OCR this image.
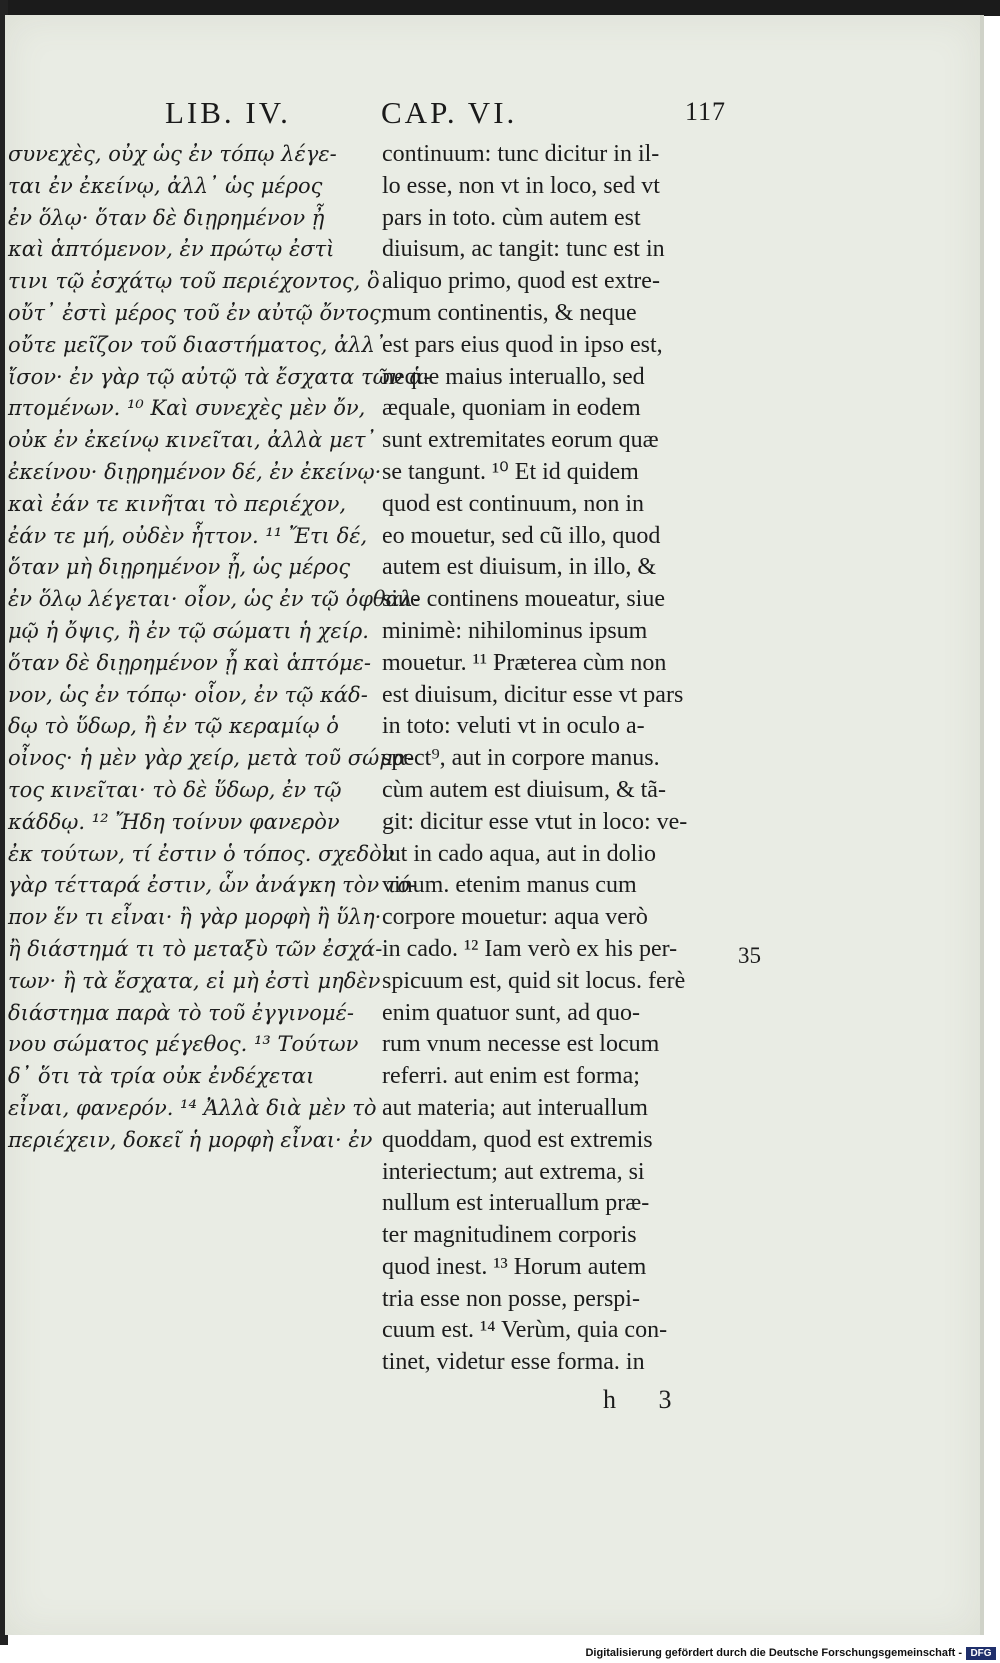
LIB. IV.	CAP. VI.	117
συνεχὲς, οὐχ ὡς ἐν τόπῳ λέγε-
ται ἐν ἐκείνῳ, ἀλλ᾽ ὡς μέρος
ἐν ὅλῳ· ὅταν δὲ διῃρημένον ᾖ
καὶ ἁπτόμενον, ἐν πρώτῳ ἐστὶ
τινι τῷ ἐσχάτῳ τοῦ περιέχοντος, ὃ
οὔτ᾽ ἐστὶ μέρος τοῦ ἐν αὐτῷ ὄντος,
οὔτε μεῖζον τοῦ διαστήματος, ἀλλ᾽
ἴσον· ἐν γὰρ τῷ αὐτῷ τὰ ἔσχατα τῶν ἁ-
πτομένων. ¹⁰ Καὶ συνεχὲς μὲν ὄν,
οὐκ ἐν ἐκείνῳ κινεῖται, ἀλλὰ μετ᾽
ἐκείνου· διῃρημένον δέ, ἐν ἐκείνῳ·
καὶ ἐάν τε κινῆται τὸ περιέχον,
ἐάν τε μή, οὐδὲν ἧττον. ¹¹ Ἔτι δέ,
ὅταν μὴ διῃρημένον ᾖ, ὡς μέρος
ἐν ὅλῳ λέγεται· οἷον, ὡς ἐν τῷ ὀφθαλ-
μῷ ἡ ὄψις, ἢ ἐν τῷ σώματι ἡ χείρ.
ὅταν δὲ διῃρημένον ᾖ καὶ ἁπτόμε-
νον, ὡς ἐν τόπῳ· οἷον, ἐν τῷ κάδ-
δῳ τὸ ὕδωρ, ἢ ἐν τῷ κεραμίῳ ὁ
οἶνος· ἡ μὲν γὰρ χείρ, μετὰ τοῦ σώμα-
τος κινεῖται· τὸ δὲ ὕδωρ, ἐν τῷ
κάδδῳ. ¹² Ἤδη τοίνυν φανερὸν
ἐκ τούτων, τί ἐστιν ὁ τόπος. σχεδὸν
γὰρ τέτταρά ἐστιν, ὧν ἀνάγκη τὸν τό-
πον ἕν τι εἶναι· ἢ γὰρ μορφὴ ἢ ὕλη·
ἢ διάστημά τι τὸ μεταξὺ τῶν ἐσχά-
των· ἢ τὰ ἔσχατα, εἰ μὴ ἐστὶ μηδὲν
διάστημα παρὰ τὸ τοῦ ἐγγινομέ-
νου σώματος μέγεθος. ¹³ Τούτων
δ᾽ ὅτι τὰ τρία οὐκ ἐνδέχεται
εἶναι, φανερόν. ¹⁴ Ἀλλὰ διὰ μὲν τὸ
περιέχειν, δοκεῖ ἡ μορφὴ εἶναι· ἐν
continuum: tunc dicitur in il-
lo esse, non vt in loco, sed vt
pars in toto. cùm autem est
diuisum, ac tangit: tunc est in
aliquo primo, quod est extre-
mum continentis, & neque
est pars eius quod in ipso est,
neque maius interuallo, sed
æquale, quoniam in eodem
sunt extremitates eorum quæ
se tangunt. ¹⁰ Et id quidem
quod est continuum, non in
eo mouetur, sed cũ illo, quod
autem est diuisum, in illo, &
siue continens moueatur, siue
minimè: nihilominus ipsum
mouetur. ¹¹ Præterea cùm non
est diuisum, dicitur esse vt pars
in toto: veluti vt in oculo a-
spect⁹, aut in corpore manus.
cùm autem est diuisum, & tã-
git: dicitur esse vtut in loco: ve-
lut in cado aqua, aut in dolio
vinum. etenim manus cum
corpore mouetur: aqua verò
in cado. ¹² Iam verò ex his per-
spicuum est, quid sit locus. ferè
enim quatuor sunt, ad quo-
rum vnum necesse est locum
referri. aut enim est forma;
aut materia; aut interuallum
quoddam, quod est extremis
interiectum; aut extrema, si
nullum est interuallum præ-
ter magnitudinem corporis
quod inest. ¹³ Horum autem
tria esse non posse, perspi-
cuum est. ¹⁴ Verùm, quia con-
tinet, videtur esse forma. in
35
h 3
Digitalisierung gefördert durch die Deutsche Forschungsgemeinschaft - DFG
